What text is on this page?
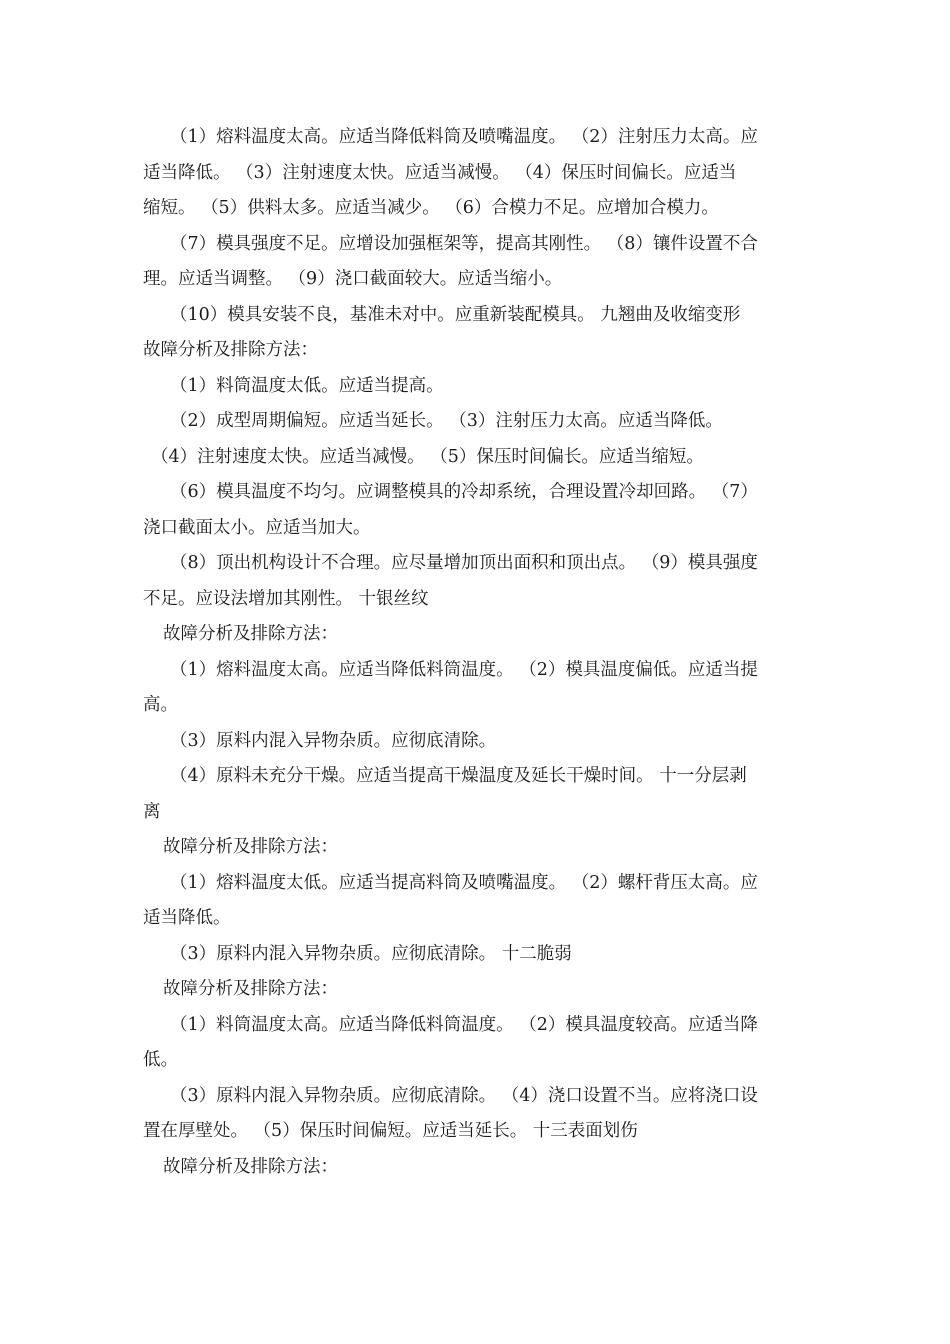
（1）熔料温度太高。应适当降低料筒及喷嘴温度。 （2）注射压力太高。应
适当降低。 （3）注射速度太快。应适当减慢。 （4）保压时间偏长。应适当
缩短。 （5）供料太多。应适当减少。 （6）合模力不足。应增加合模力。
（7）模具强度不足。应增设加强框架等，提高其刚性。 （8）镶件设置不合
理。应适当调整。 （9）浇口截面较大。应适当缩小。
（10）模具安装不良，基准未对中。应重新装配模具。 九翘曲及收缩变形
故障分析及排除方法：
（1）料筒温度太低。应适当提高。
（2）成型周期偏短。应适当延长。 （3）注射压力太高。应适当降低。
（4）注射速度太快。应适当减慢。 （5）保压时间偏长。应适当缩短。
（6）模具温度不均匀。应调整模具的冷却系统，合理设置冷却回路。 （7）
浇口截面太小。应适当加大。
（8）顶出机构设计不合理。应尽量增加顶出面积和顶出点。 （9）模具强度
不足。应设法增加其刚性。 十银丝纹
故障分析及排除方法：
（1）熔料温度太高。应适当降低料筒温度。 （2）模具温度偏低。应适当提
高。
（3）原料内混入异物杂质。应彻底清除。
（4）原料未充分干燥。应适当提高干燥温度及延长干燥时间。 十一分层剥
离
故障分析及排除方法：
（1）熔料温度太低。应适当提高料筒及喷嘴温度。 （2）螺杆背压太高。应
适当降低。
（3）原料内混入异物杂质。应彻底清除。 十二脆弱
故障分析及排除方法：
（1）料筒温度太高。应适当降低料筒温度。 （2）模具温度较高。应适当降
低。
（3）原料内混入异物杂质。应彻底清除。 （4）浇口设置不当。应将浇口设
置在厚壁处。 （5）保压时间偏短。应适当延长。 十三表面划伤
故障分析及排除方法：
